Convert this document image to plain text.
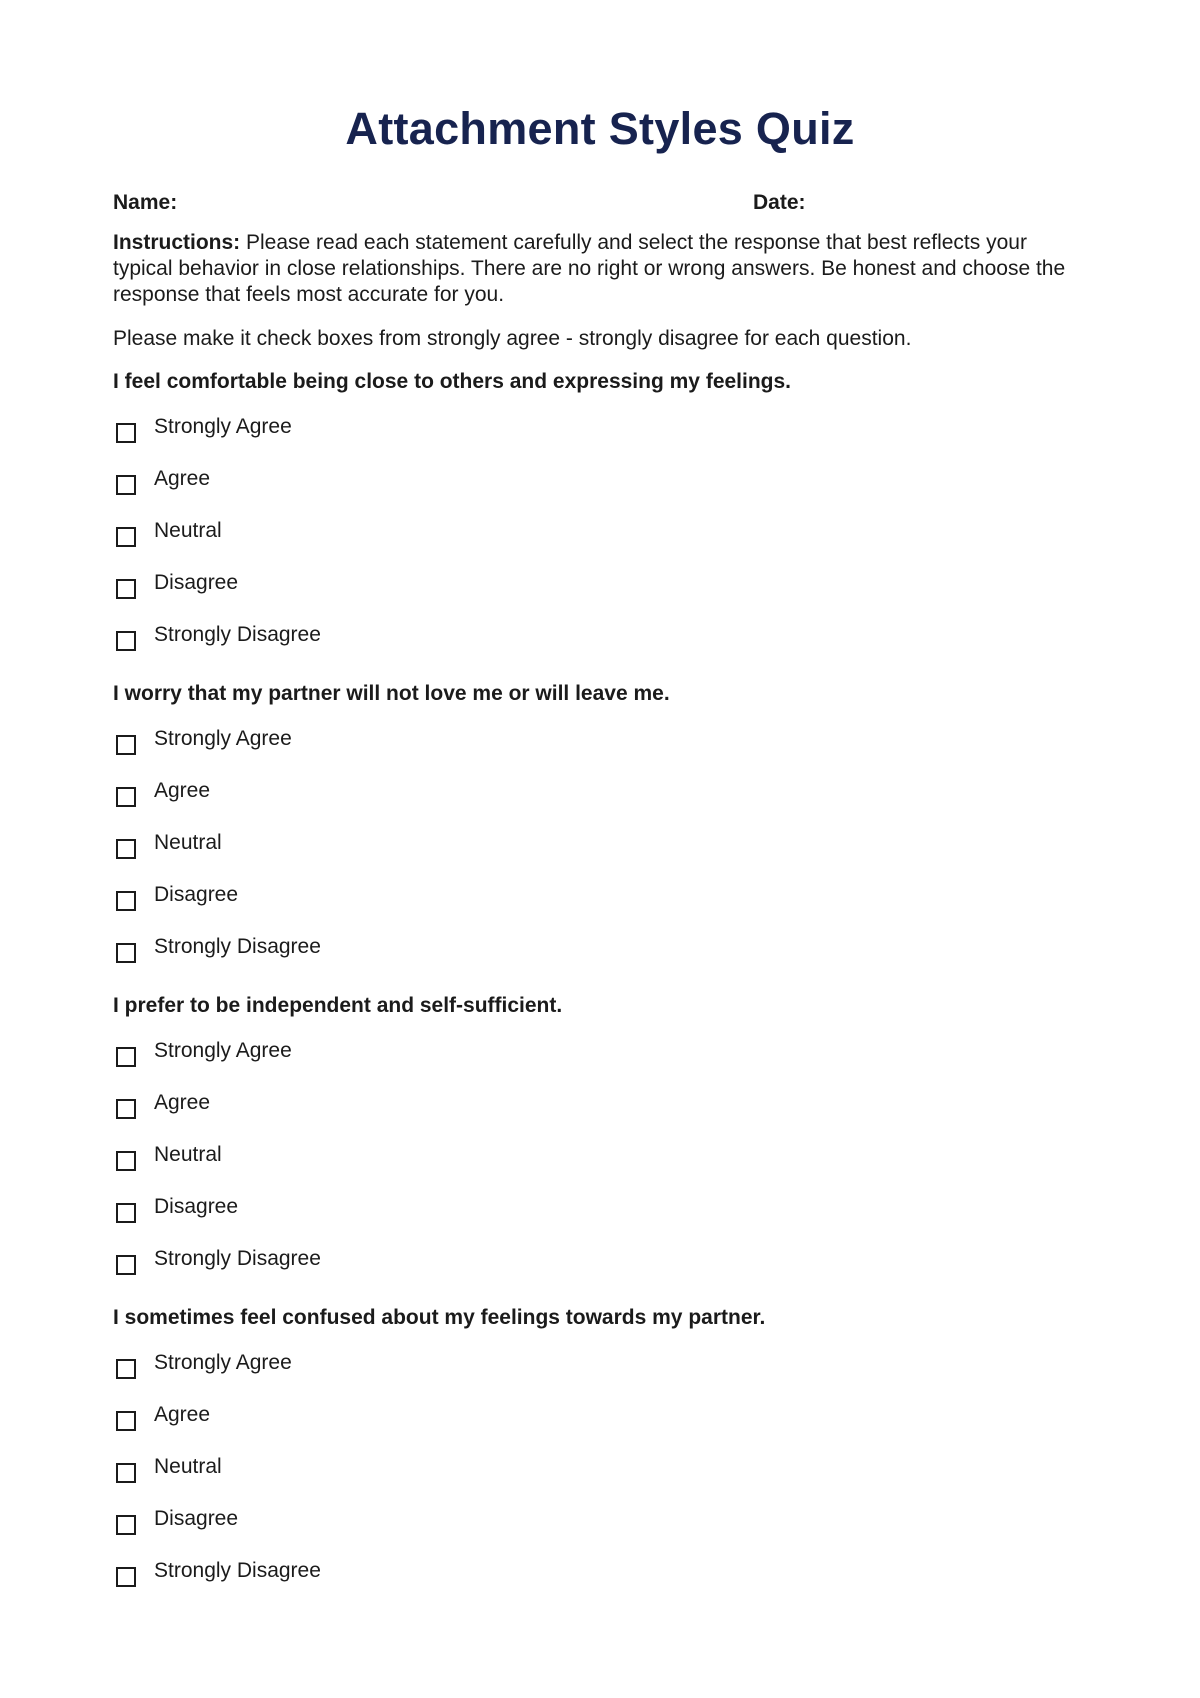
Attachment Styles Quiz
Name:	Date:
Instructions: Please read each statement carefully and select the response that best reflects your typical behavior in close relationships. There are no right or wrong answers. Be honest and choose the response that feels most accurate for you.
Please make it check boxes from strongly agree - strongly disagree for each question.
I feel comfortable being close to others and expressing my feelings.
Strongly Agree
Agree
Neutral
Disagree
Strongly Disagree
I worry that my partner will not love me or will leave me.
Strongly Agree
Agree
Neutral
Disagree
Strongly Disagree
I prefer to be independent and self-sufficient.
Strongly Agree
Agree
Neutral
Disagree
Strongly Disagree
I sometimes feel confused about my feelings towards my partner.
Strongly Agree
Agree
Neutral
Disagree
Strongly Disagree
